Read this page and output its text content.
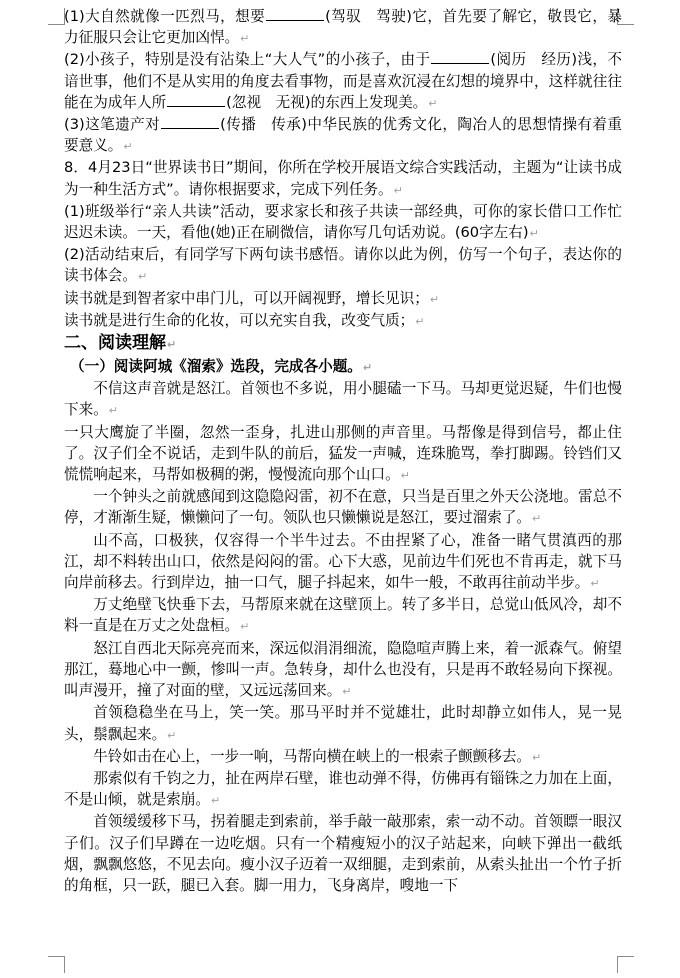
(1)大自然就像一匹烈马，想要	(驾驭　驾驶)它，首先要了解它，敬畏它，暴力征服只会让它更加凶悍。↵

(2)小孩子，特别是没有沾染上“大人气”的小孩子，由于	(阅历　经历)浅，不谙世事，他们不是从实用的角度去看事物，而是喜欢沉浸在幻想的境界中，这样就往往能在为成年人所	(忽视　无视)的东西上发现美。↵

(3)这笔遗产对	(传播　传承)中华民族的优秀文化，陶冶人的思想情操有着重要意义。↵

8．4月23日“世界读书日”期间，你所在学校开展语文综合实践活动，主题为“让读书成为一种生活方式”。请你根据要求，完成下列任务。↵

(1)班级举行“亲人共读”活动，要求家长和孩子共读一部经典，可你的家长借口工作忙迟迟未读。一天，看他(她)正在刷微信，请你写几句话劝说。(60字左右)↵

(2)活动结束后，有同学写下两句读书感悟。请你以此为例，仿写一个句子，表达你的读书体会。↵

读书就是到智者家中串门儿，可以开阔视野，增长见识；↵

读书就是进行生命的化妆，可以充实自我，改变气质；↵

二、阅读理解↵

（一）阅读阿城《溜索》选段，完成各小题。↵

不信这声音就是怒江。首领也不多说，用小腿磕一下马。马却更觉迟疑，牛们也慢下来。↵

一只大鹰旋了半圈，忽然一歪身，扎进山那侧的声音里。马帮像是得到信号，都止住了。汉子们全不说话，走到牛队的前后，猛发一声喊，连珠脆骂，拳打脚踢。铃铛们又慌慌响起来，马帮如极稠的粥，慢慢流向那个山口。↵

一个钟头之前就感闻到这隐隐闷雷，初不在意，只当是百里之外天公浇地。雷总不停，才渐渐生疑，懒懒问了一句。领队也只懒懒说是怒江，要过溜索了。↵

山不高，口极狭，仅容得一个半牛过去。不由捏紧了心，准备一睹气贯滇西的那江，却不料转出山口，依然是闷闷的雷。心下大惑，见前边牛们死也不肯再走，就下马向岸前移去。行到岸边，抽一口气，腿子抖起来，如牛一般，不敢再往前动半步。↵

万丈绝壁飞快垂下去，马帮原来就在这壁顶上。转了多半日，总觉山低风冷，却不料一直是在万丈之处盘桓。↵

怒江自西北天际亮亮而来，深远似涓涓细流，隐隐喧声腾上来，着一派森气。俯望那江，蓦地心中一颤，惨叫一声。急转身，却什么也没有，只是再不敢轻易向下探视。叫声漫开，撞了对面的壁，又远远荡回来。↵

首领稳稳坐在马上，笑一笑。那马平时并不觉雄壮，此时却静立如伟人，晃一晃头，鬃飘起来。↵

牛铃如击在心上，一步一响，马帮向横在峡上的一根索子颤颤移去。↵

那索似有千钧之力，扯在两岸石壁，谁也动弹不得，仿佛再有锱铢之力加在上面，不是山倾，就是索崩。↵

首领缓缓移下马，拐着腿走到索前，举手敲一敲那索，索一动不动。首领瞟一眼汉子们。汉子们早蹲在一边吃烟。只有一个精瘦短小的汉子站起来，向峡下弹出一截纸烟，飘飘悠悠，不见去向。瘦小汉子迈着一双细腿，走到索前，从索头扯出一个竹子折的角框，只一跃，腿已入套。脚一用力，飞身离岸，嗖地一下
